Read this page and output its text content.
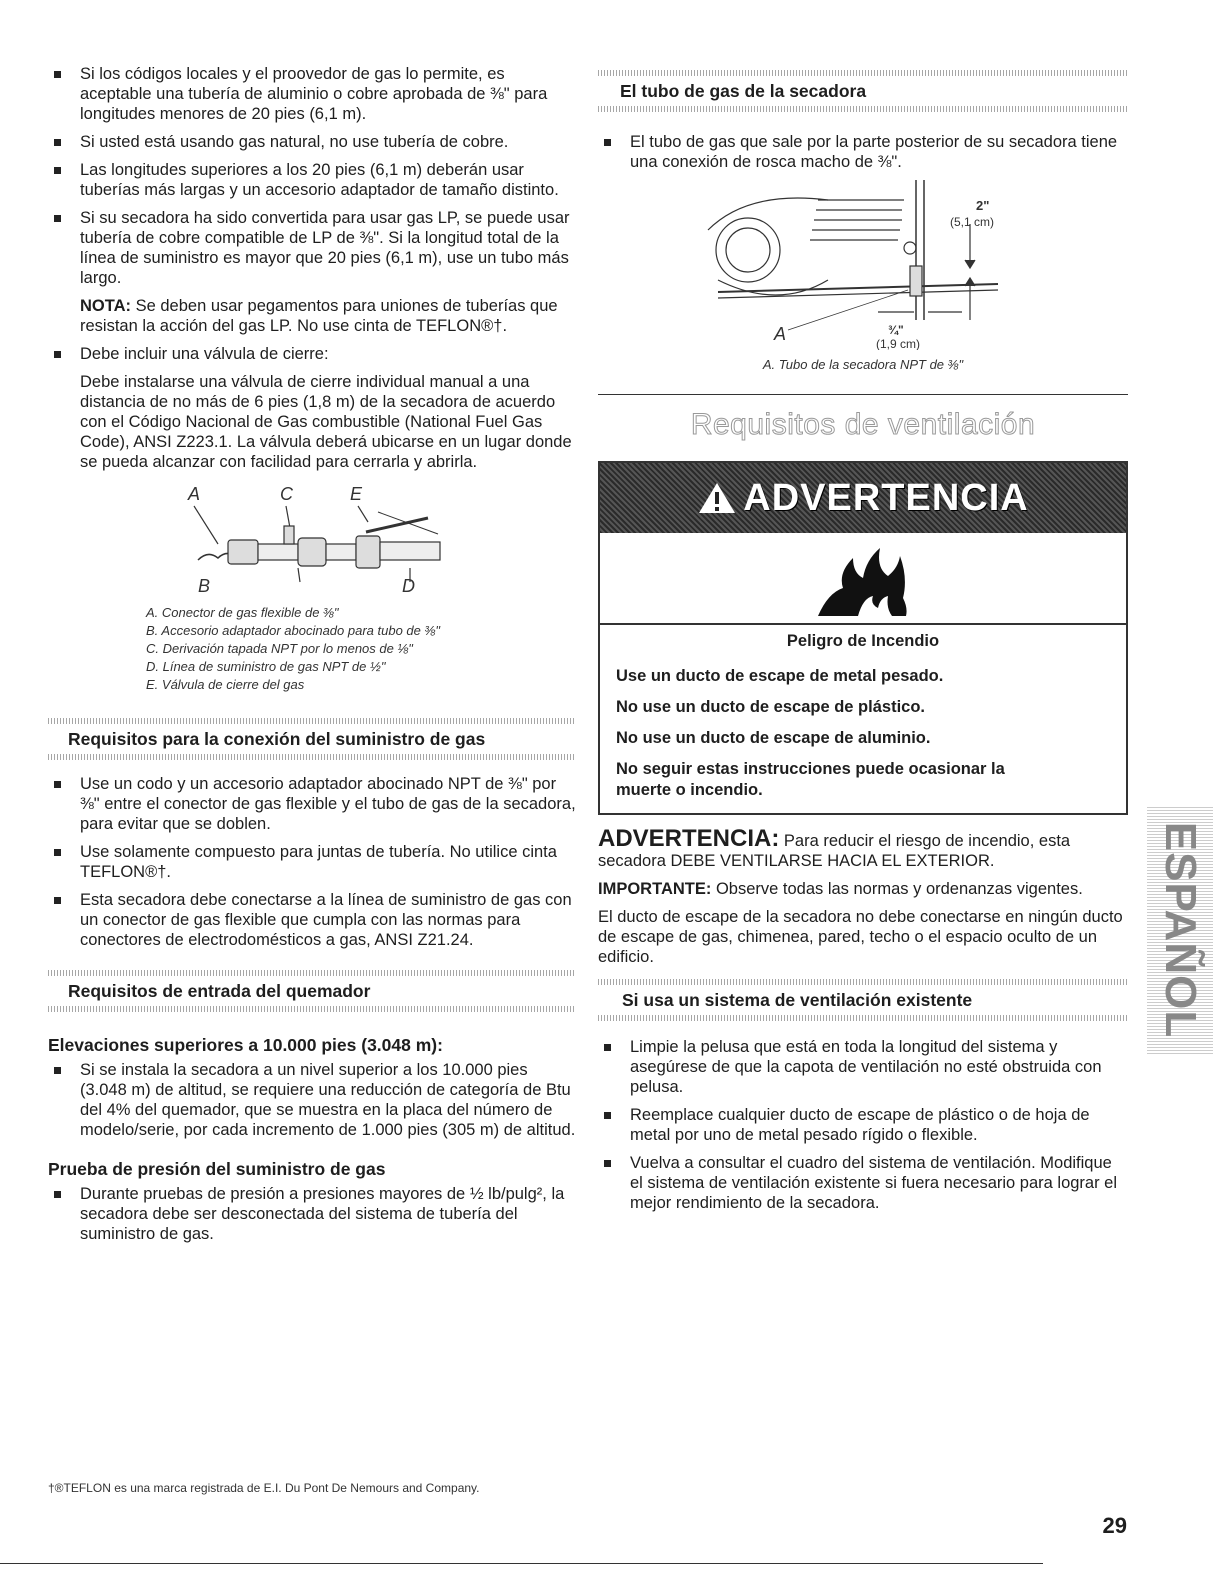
Si los códigos locales y el proovedor de gas lo permite, es aceptable una tubería de aluminio o cobre aprobada de ⅜" para longitudes menores de 20 pies (6,1 m).
Si usted está usando gas natural, no use tubería de cobre.
Las longitudes superiores a los 20 pies (6,1 m) deberán usar tuberías más largas y un accesorio adaptador de tamaño distinto.
Si su secadora ha sido convertida para usar gas LP, se puede usar tubería de cobre compatible de LP de ⅜". Si la longitud total de la línea de suministro es mayor que 20 pies (6,1 m), use un tubo más largo.

NOTA: Se deben usar pegamentos para uniones de tuberías que resistan la acción del gas LP. No use cinta de TEFLON®†.

Debe incluir una válvula de cierre:

Debe instalarse una válvula de cierre individual manual a una distancia de no más de 6 pies (1,8 m) de la secadora de acuerdo con el Código Nacional de Gas combustible (National Fuel Gas Code), ANSI Z223.1. La válvula deberá ubicarse en un lugar donde se pueda alcanzar con facilidad para cerrarla y abrirla.

A	C	E
B	D
A. Conector de gas flexible de ⅜"
B. Accesorio adaptador abocinado para tubo de ⅜"
C. Derivación tapada NPT por lo menos de ⅛"
D. Línea de suministro de gas NPT de ½"
E. Válvula de cierre del gas
Requisitos para la conexión del suministro de gas
Use un codo y un accesorio adaptador abocinado NPT de ⅜" por ⅜" entre el conector de gas flexible y el tubo de gas de la secadora, para evitar que se doblen.
Use solamente compuesto para juntas de tubería. No utilice cinta TEFLON®†.
Esta secadora debe conectarse a la línea de suministro de gas con un conector de gas flexible que cumpla con las normas para conectores de electrodomésticos a gas, ANSI Z21.24.
Requisitos de entrada del quemador
Elevaciones superiores a 10.000 pies (3.048 m):
Si se instala la secadora a un nivel superior a los 10.000 pies (3.048 m) de altitud, se requiere una reducción de categoría de Btu del 4% del quemador, que se muestra en la placa del número de modelo/serie, por cada incremento de 1.000 pies (305 m) de altitud.
Prueba de presión del suministro de gas
Durante pruebas de presión a presiones mayores de ½ lb/pulg², la secadora debe ser desconectada del sistema de tubería del suministro de gas.
†®TEFLON es una marca registrada de E.I. Du Pont De Nemours and Company.
El tubo de gas de la secadora
El tubo de gas que sale por la parte posterior de su secadora tiene una conexión de rosca macho de ⅜".
2"
(5,1 cm)
A	¾"
(1,9 cm)
A. Tubo de la secadora NPT de ⅜"
Requisitos de ventilación
ADVERTENCIA
Peligro de Incendio
Use un ducto de escape de metal pesado.
No use un ducto de escape de plástico.
No use un ducto de escape de aluminio.
No seguir estas instrucciones puede ocasionar la muerte o incendio.

ADVERTENCIA: Para reducir el riesgo de incendio, esta secadora DEBE VENTILARSE HACIA EL EXTERIOR.

IMPORTANTE: Observe todas las normas y ordenanzas vigentes.

El ducto de escape de la secadora no debe conectarse en ningún ducto de escape de gas, chimenea, pared, techo o el espacio oculto de un edificio.

Si usa un sistema de ventilación existente
Limpie la pelusa que está en toda la longitud del sistema y asegúrese de que la capota de ventilación no esté obstruida con pelusa.
Reemplace cualquier ducto de escape de plástico o de hoja de metal por uno de metal pesado rígido o flexible.
Vuelva a consultar el cuadro del sistema de ventilación. Modifique el sistema de ventilación existente si fuera necesario para lograr el mejor rendimiento de la secadora.
ESPAÑOL
29
